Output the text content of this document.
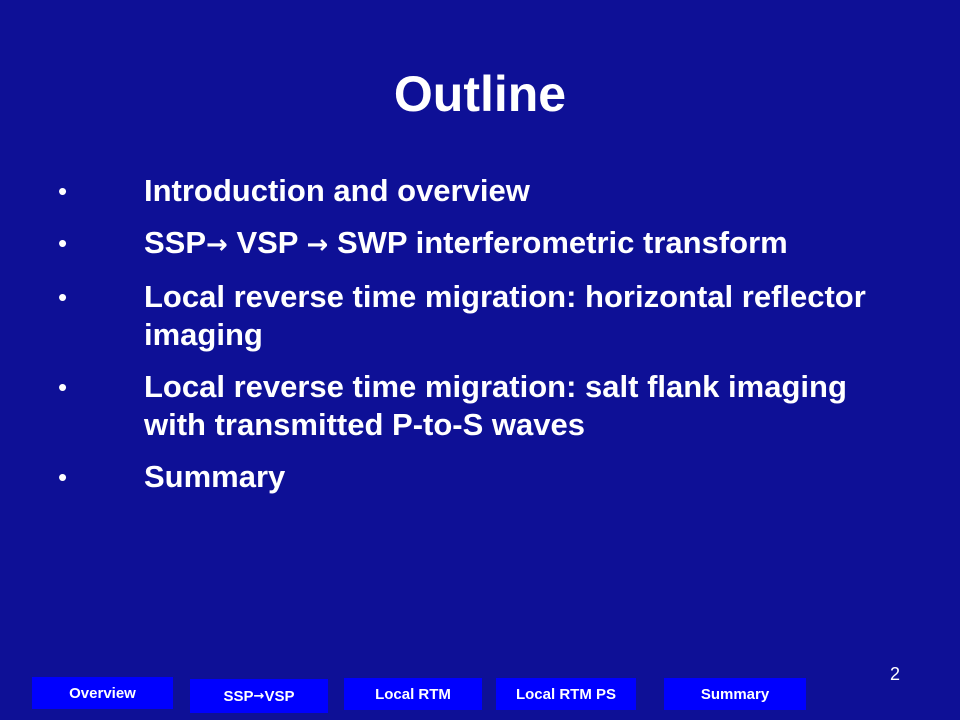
Outline
• Introduction and overview
• SSP→ VSP → SWP interferometric transform
• Local reverse time migration: horizontal reflector imaging
• Local reverse time migration: salt flank imaging with transmitted P-to-S waves
• Summary
2
Overview	SSP → VSP	Local RTM	Local RTM PS	Summary
